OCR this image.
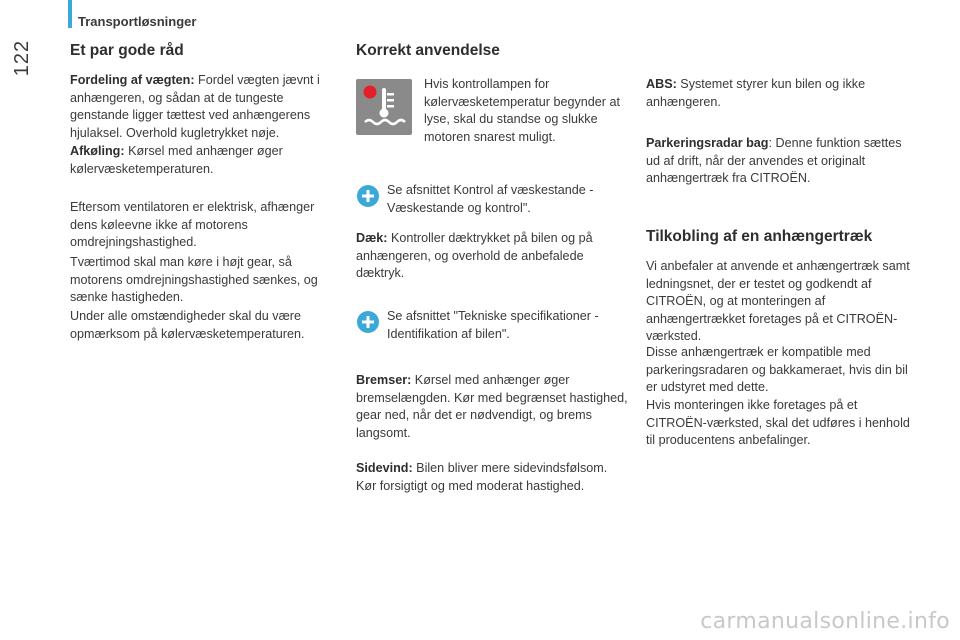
Transportløsninger
122	Et par gode råd

Fordeling af vægten: Fordel vægten jævnt i anhængeren, og sådan at de tungeste genstande ligger tættest ved anhængerens hjulaksel. Overhold kugletrykket nøje.

Afkøling: Kørsel med anhænger øger kølervæsketemperaturen.

Eftersom ventilatoren er elektrisk, afhænger dens køleevne ikke af motorens omdrejningshastighed.

Tværtimod skal man køre i højt gear, så motorens omdrejningshastighed sænkes, og sænke hastigheden.

Under alle omstændigheder skal du være opmærksom på kølervæsketemperaturen.

Korrekt anvendelse

Hvis kontrollampen for kølervæsketemperatur begynder at lyse, skal du standse og slukke motoren snarest muligt.

Se afsnittet Kontrol af væskestande - Væskestande og kontrol".

Dæk: Kontroller dæktrykket på bilen og på anhængeren, og overhold de anbefalede dæktryk.

Se afsnittet "Tekniske specifikationer - Identifikation af bilen".

Bremser: Kørsel med anhænger øger bremselængden. Kør med begrænset hastighed, gear ned, når det er nødvendigt, og brems langsomt.

Sidevind: Bilen bliver mere sidevindsfølsom. Kør forsigtigt og med moderat hastighed.

ABS: Systemet styrer kun bilen og ikke anhængeren.

Parkeringsradar bag: Denne funktion sættes ud af drift, når der anvendes et originalt anhængertræk fra CITROËN.

Tilkobling af en anhængertræk

Vi anbefaler at anvende et anhængertræk samt ledningsnet, der er testet og godkendt af CITROËN, og at monteringen af anhængertrækket foretages på et CITROËN-værksted.

Disse anhængertræk er kompatible med parkeringsradaren og bakkameraet, hvis din bil er udstyret med dette.

Hvis monteringen ikke foretages på et CITROËN-værksted, skal det udføres i henhold til producentens anbefalinger.

carmanualsonline.info
